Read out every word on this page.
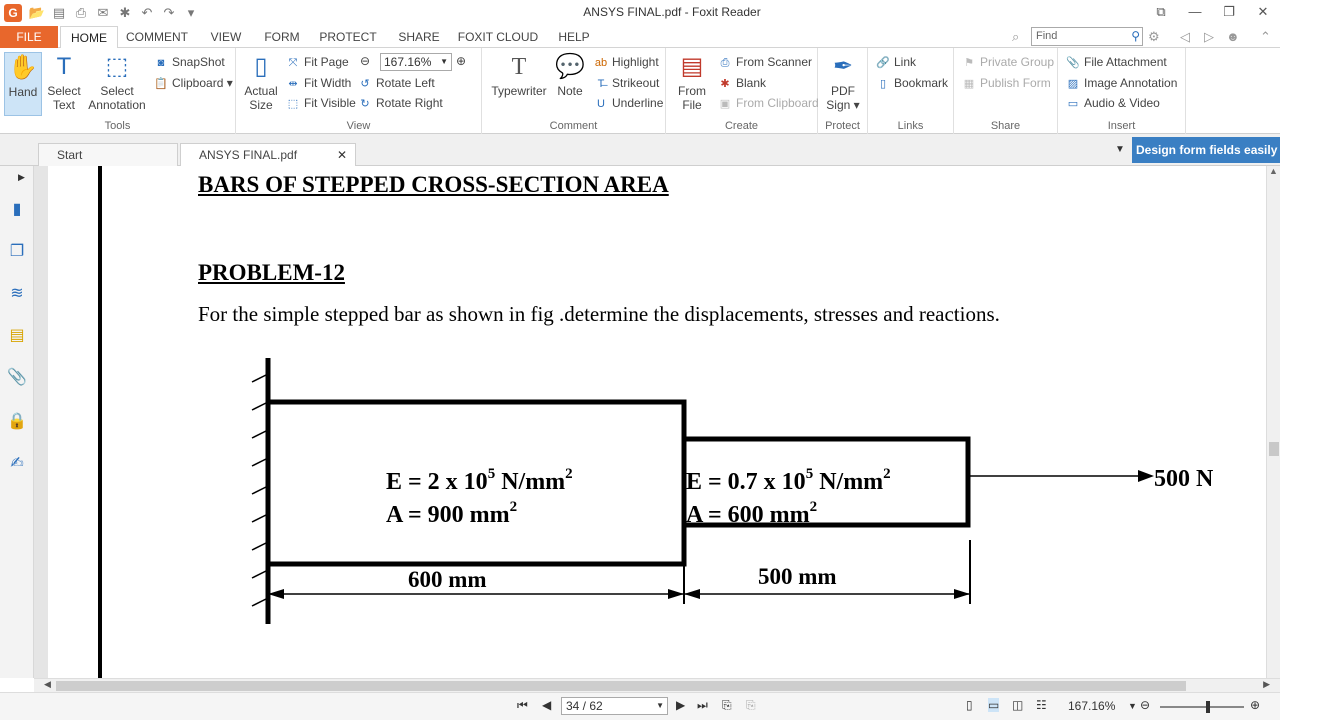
G 📂 ▤ ⎙ ✉ ✱ ↶ ↷	▾	ANSYS FINAL.pdf - Foxit Reader	⧉	—	❐	✕
FILE	HOME	COMMENT	VIEW	FORM	PROTECT	SHARE	FOXIT CLOUD	HELP	⌕	Find	⚲ ⚙ ◁ ▷ ☻ ⌃
✋
Hand
T
Select
Text
⬚
Select
Annotation
◙ SnapShot
📋 Clipboard ▾
Tools
▯
Actual
Size
⤧ Fit Page
⇹ Fit Width
⬚ Fit Visible
⊖
↺ Rotate Left
↻ Rotate Right
⊕
View
167.16% ▼	T
Typewriter
💬
Note
ab Highlight
T̶ Strikeout
U Underline
Comment
▤
From
File
⎙ From Scanner
✱ Blank
▣ From Clipboard
Create
✒
PDF
Sign ▾
Protect
🔗 Link
▯ Bookmark
Links
⚑ Private Group
▦ Publish Form
Share
📎 File Attachment
▨ Image Annotation
▭ Audio & Video
Insert
Start	ANSYS FINAL.pdf	✕	▼ Design form fields easily
▶
▮
❐
≋
▤
📎
🔒
✍
BARS OF STEPPED CROSS-SECTION AREA
PROBLEM-12
For the simple stepped bar as shown in fig .determine the displacements, stresses and reactions.
500 N
E = 2 x $10^5$ $N/mm^2$
A = 900 $mm^2$
E = 0.7 x $10^5$ $N/mm^2$
A = 600 $mm^2$
600 mm	500 mm
▲
◀	▶
⏮ ◀	34 / 62	▼ ▶ ⏭ ⎘ ⎘	▯ ▭ ◫ ☷ 167.16% ▼ ⊖	⊕
